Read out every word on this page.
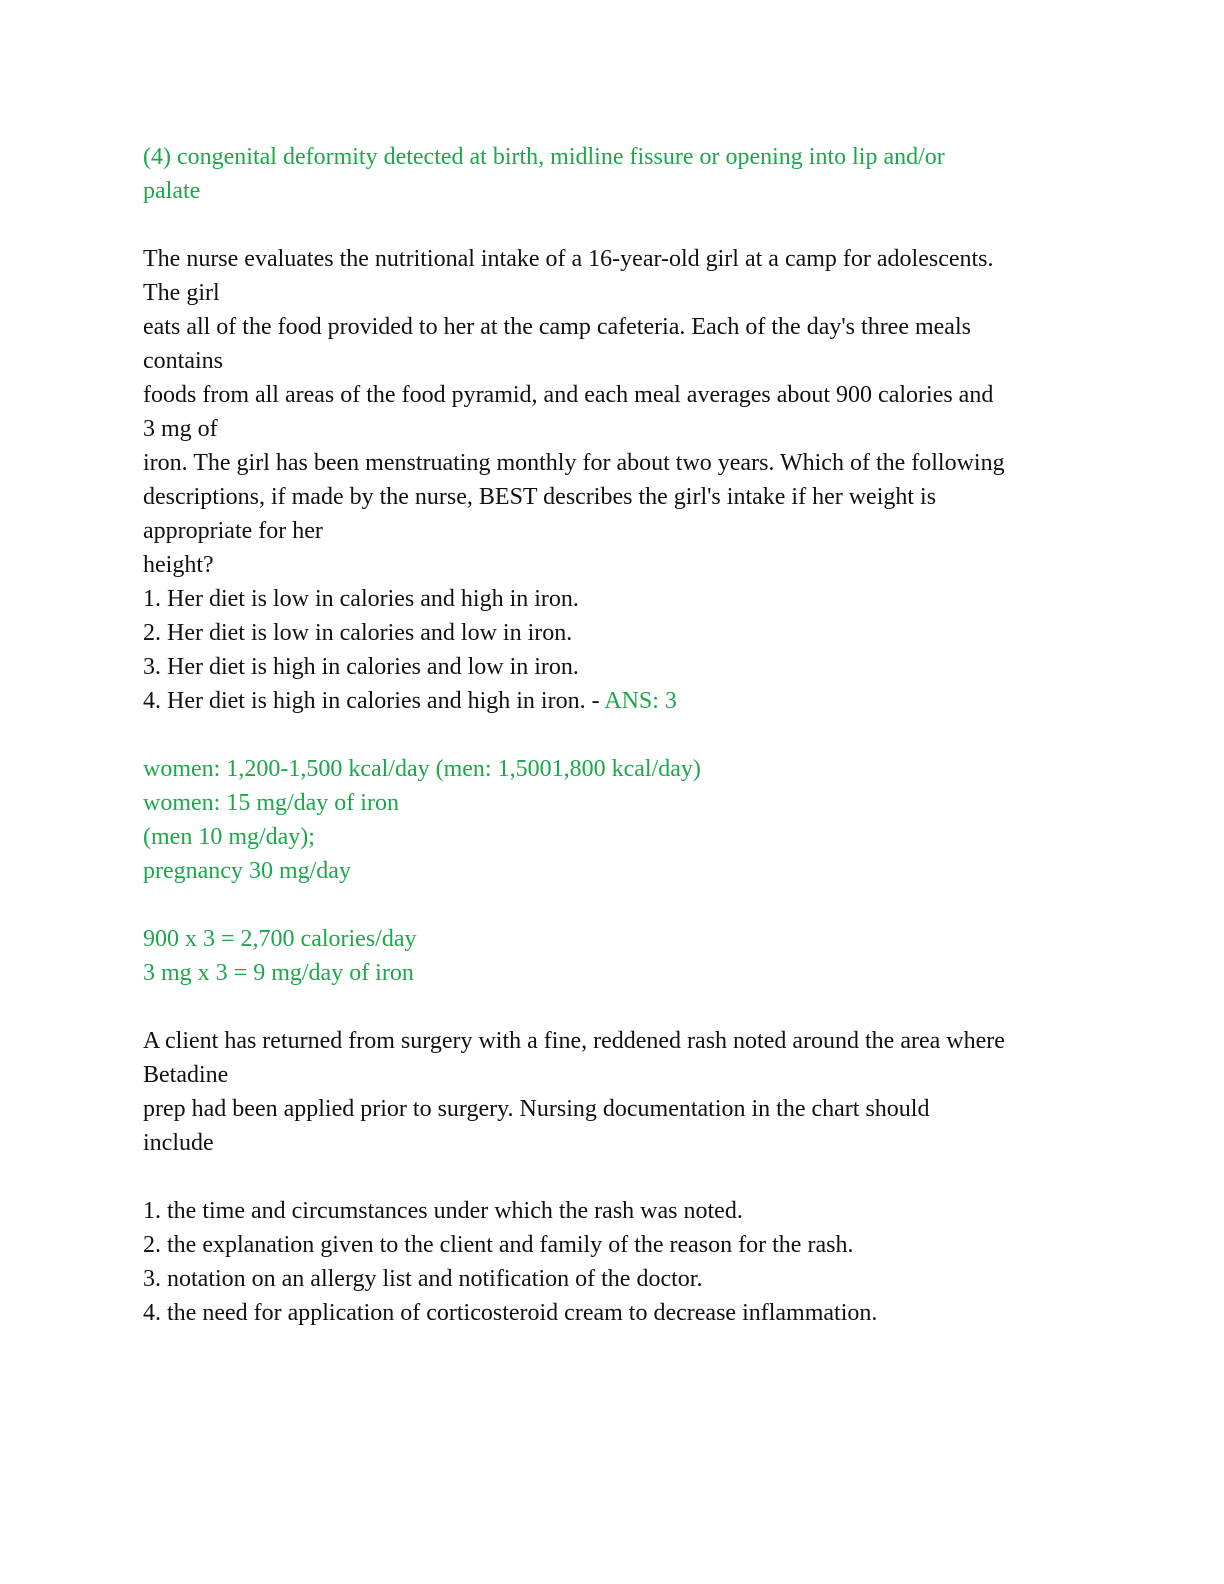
(4) congenital deformity detected at birth, midline fissure or opening into lip and/or
palate
The nurse evaluates the nutritional intake of a 16-year-old girl at a camp for adolescents.
The girl
eats all of the food provided to her at the camp cafeteria. Each of the day's three meals
contains
foods from all areas of the food pyramid, and each meal averages about 900 calories and
3 mg of
iron. The girl has been menstruating monthly for about two years. Which of the following
descriptions, if made by the nurse, BEST describes the girl's intake if her weight is
appropriate for her
height?
1. Her diet is low in calories and high in iron.
2. Her diet is low in calories and low in iron.
3. Her diet is high in calories and low in iron.
4. Her diet is high in calories and high in iron. - ANS: 3
women: 1,200-1,500 kcal/day (men: 1,5001,800 kcal/day)
women: 15 mg/day of iron
(men 10 mg/day);
pregnancy 30 mg/day
900 x 3 = 2,700 calories/day
3 mg x 3 = 9 mg/day of iron
A client has returned from surgery with a fine, reddened rash noted around the area where
Betadine
prep had been applied prior to surgery. Nursing documentation in the chart should
include
1. the time and circumstances under which the rash was noted.
2. the explanation given to the client and family of the reason for the rash.
3. notation on an allergy list and notification of the doctor.
4. the need for application of corticosteroid cream to decrease inflammation.
